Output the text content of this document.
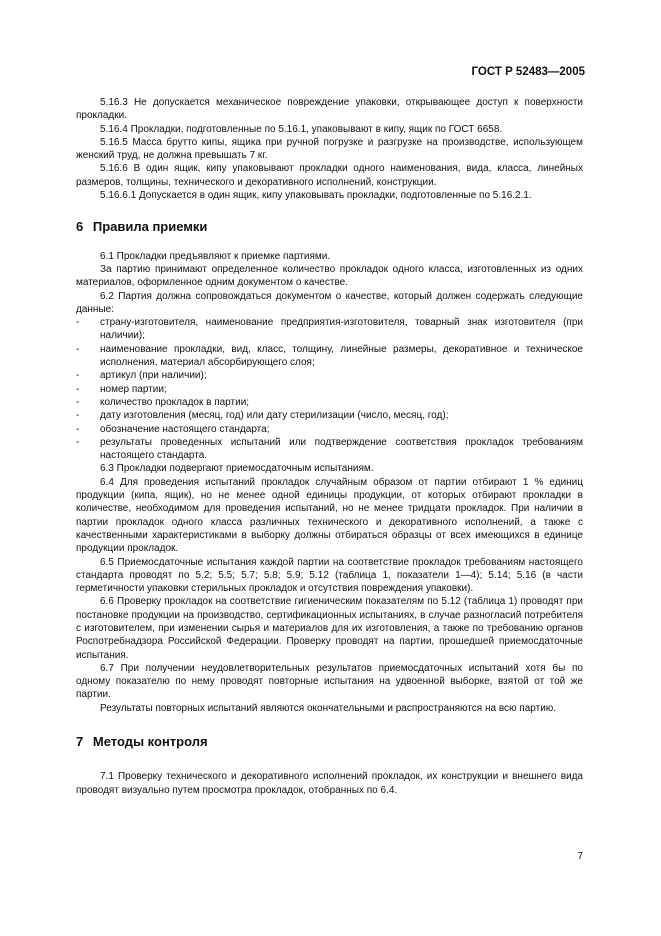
ГОСТ Р 52483—2005

5.16.3 Не допускается механическое повреждение упаковки, открывающее доступ к поверхности прокладки.

5.16.4 Прокладки, подготовленные по 5.16.1, упаковывают в кипу, ящик по ГОСТ 6658.

5.16.5 Масса брутто кипы, ящика при ручной погрузке и разгрузке на производстве, использующем женский труд, не должна превышать 7 кг.

5.16.6 В один ящик, кипу упаковывают прокладки одного наименования, вида, класса, линейных размеров, толщины, технического и декоративного исполнений, конструкции.

5.16.6.1 Допускается в один ящик, кипу упаковывать прокладки, подготовленные по 5.16.2.1.

6 Правила приемки

6.1 Прокладки предъявляют к приемке партиями.

За партию принимают определенное количество прокладок одного класса, изготовленных из одних материалов, оформленное одним документом о качестве.

6.2 Партия должна сопровождаться документом о качестве, который должен содержать следующие данные:

-	страну-изготовителя, наименование предприятия-изготовителя, товарный знак изготовителя (при наличии);
-	наименование прокладки, вид, класс, толщину, линейные размеры, декоративное и техническое исполнения, материал абсорбирующего слоя;
-	артикул (при наличии);
-	номер партии;
-	количество прокладок в партии;
-	дату изготовления (месяц, год) или дату стерилизации (число, месяц, год);
-	обозначение настоящего стандарта;
-	результаты проведенных испытаний или подтверждение соответствия прокладок требованиям настоящего стандарта.

6.3 Прокладки подвергают приемосдаточным испытаниям.

6.4 Для проведения испытаний прокладок случайным образом от партии отбирают 1 % единиц продукции (кипа, ящик), но не менее одной единицы продукции, от которых отбирают прокладки в количестве, необходимом для проведения испытаний, но не менее тридцати прокладок. При наличии в партии прокладок одного класса различных технического и декоративного исполнений, а также с качественными характеристиками в выборку должны отбираться образцы от всех имеющихся в единице продукции прокладок.

6.5 Приемосдаточные испытания каждой партии на соответствие прокладок требованиям настоящего стандарта проводят по 5.2; 5.5; 5.7; 5.8; 5.9; 5.12 (таблица 1, показатели 1—4); 5.14; 5.16 (в части герметичности упаковки стерильных прокладок и отсутствия повреждения упаковки).

6.6 Проверку прокладок на соответствие гигиеническим показателям по 5.12 (таблица 1) проводят при постановке продукции на производство, сертификационных испытаниях, в случае разногласий потребителя с изготовителем, при изменении сырья и материалов для их изготовления, а также по требованию органов Роспотребнадзора Российской Федерации. Проверку проводят на партии, прошедшей приемосдаточные испытания.

6.7 При получении неудовлетворительных результатов приемосдаточных испытаний хотя бы по одному показателю по нему проводят повторные испытания на удвоенной выборке, взятой от той же партии.

Результаты повторных испытаний являются окончательными и распространяются на всю партию.

7 Методы контроля

7.1 Проверку технического и декоративного исполнений прокладок, их конструкции и внешнего вида проводят визуально путем просмотра прокладок, отобранных по 6.4.

7
